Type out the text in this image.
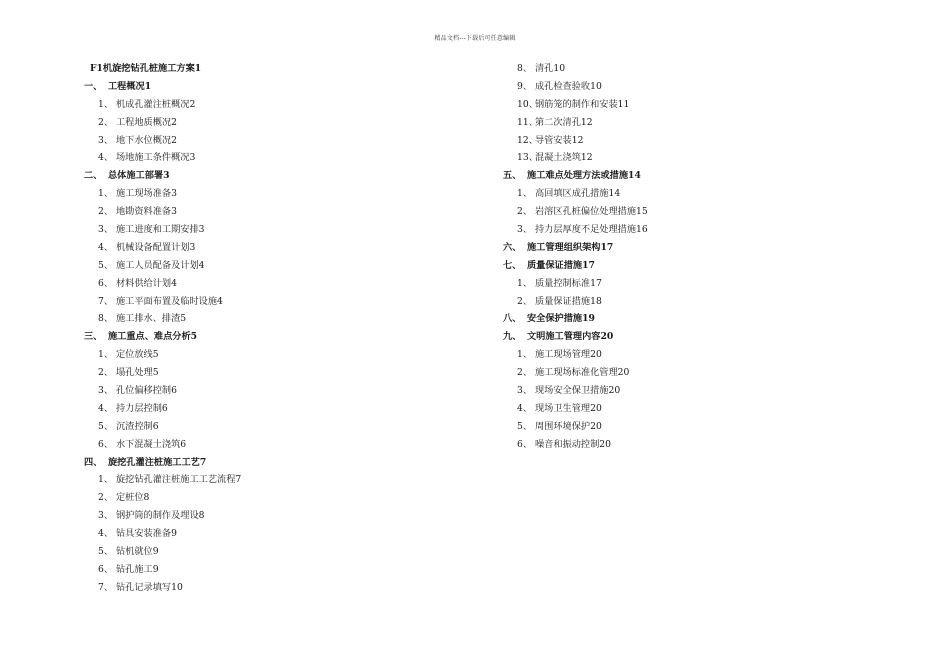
精品文档---下载后可任意编辑
F1机旋挖钻孔桩施工方案1
一、 工程概况1
1、 机成孔灌注桩概况2
2、 工程地质概况2
3、 地下水位概况2
4、 场地施工条件概况3
二、 总体施工部署3
1、 施工现场准备3
2、 地勘资料准备3
3、 施工进度和工期安排3
4、 机械设备配置计划3
5、 施工人员配备及计划4
6、 材料供给计划4
7、 施工平面布置及临时设施4
8、 施工排水、排渣5
三、 施工重点、难点分析5
1、 定位放线5
2、 塌孔处理5
3、 孔位偏移控制6
4、 持力层控制6
5、 沉渣控制6
6、 水下混凝土浇筑6
四、 旋挖孔灌注桩施工工艺7
1、 旋挖钻孔灌注桩施工工艺流程7
2、 定桩位8
3、 钢护筒的制作及埋设8
4、 钻具安装准备9
5、 钻机就位9
6、 钻孔施工9
7、 钻孔记录填写10
8、 清孔10
9、 成孔检查验收10
10、钢筋笼的制作和安装11
11、第二次清孔12
12、导管安装12
13、混凝土浇筑12
五、 施工难点处理方法或措施14
1、 高回填区成孔措施14
2、 岩溶区孔桩偏位处理措施15
3、 持力层厚度不足处理措施16
六、 施工管理组织架构17
七、 质量保证措施17
1、 质量控制标准17
2、 质量保证措施18
八、 安全保护措施19
九、 文明施工管理内容20
1、 施工现场管理20
2、 施工现场标准化管理20
3、 现场安全保卫措施20
4、 现场卫生管理20
5、 周围环境保护20
6、 噪音和振动控制20
